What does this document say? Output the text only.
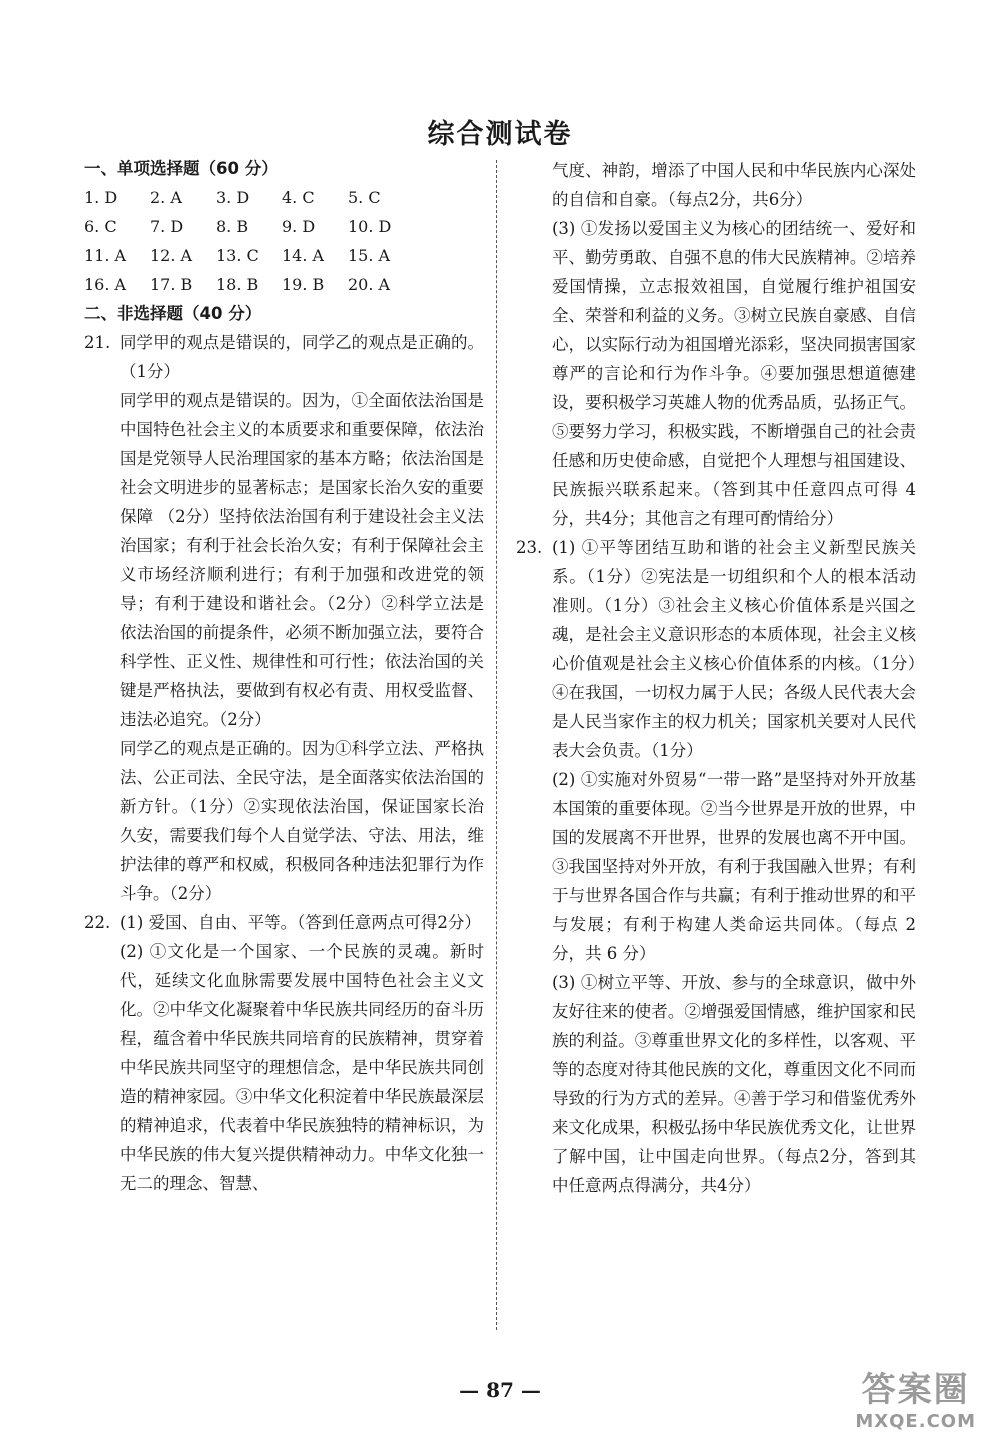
综合测试卷
一、单项选择题（60 分）
1. D	2. A	3. D	4. C	5. C
6. C	7. D	8. B	9. D	10. D
11. A	12. A	13. C	14. A	15. A
16. A	17. B	18. B	19. B	20. A
二、非选择题（40 分）
21. 同学甲的观点是错误的，同学乙的观点是正确的。（1分）

同学甲的观点是错误的。因为，①全面依法治国是中国特色社会主义的本质要求和重要保障，依法治国是党领导人民治理国家的基本方略；依法治国是社会文明进步的显著标志；是国家长治久安的重要保障 （2分）坚持依法治国有利于建设社会主义法治国家；有利于社会长治久安；有利于保障社会主义市场经济顺利进行；有利于加强和改进党的领导；有利于建设和谐社会。（2分）②科学立法是依法治国的前提条件，必须不断加强立法，要符合科学性、正义性、规律性和可行性；依法治国的关键是严格执法，要做到有权必有责、用权受监督、违法必追究。（2分）

同学乙的观点是正确的。因为①科学立法、严格执法、公正司法、全民守法，是全面落实依法治国的新方针。（1分）②实现依法治国，保证国家长治久安，需要我们每个人自觉学法、守法、用法，维护法律的尊严和权威，积极同各种违法犯罪行为作斗争。（2分）

22. (1) 爱国、自由、平等。（答到任意两点可得2分）

(2) ①文化是一个国家、一个民族的灵魂。新时代，延续文化血脉需要发展中国特色社会主义文化。②中华文化凝聚着中华民族共同经历的奋斗历程，蕴含着中华民族共同培育的民族精神，贯穿着中华民族共同坚守的理想信念，是中华民族共同创造的精神家园。③中华文化积淀着中华民族最深层的精神追求，代表着中华民族独特的精神标识，为中华民族的伟大复兴提供精神动力。中华文化独一无二的理念、智慧、

气度、神韵，增添了中国人民和中华民族内心深处的自信和自豪。（每点2分，共6分）

(3) ①发扬以爱国主义为核心的团结统一、爱好和平、勤劳勇敢、自强不息的伟大民族精神。②培养爱国情操，立志报效祖国，自觉履行维护祖国安全、荣誉和利益的义务。③树立民族自豪感、自信心，以实际行动为祖国增光添彩，坚决同损害国家尊严的言论和行为作斗争。④要加强思想道德建设，要积极学习英雄人物的优秀品质，弘扬正气。⑤要努力学习，积极实践，不断增强自己的社会责任感和历史使命感，自觉把个人理想与祖国建设、民族振兴联系起来。（答到其中任意四点可得 4 分，共4分；其他言之有理可酌情给分）

23. (1) ①平等团结互助和谐的社会主义新型民族关系。（1分）②宪法是一切组织和个人的根本活动准则。（1分）③社会主义核心价值体系是兴国之魂，是社会主义意识形态的本质体现，社会主义核心价值观是社会主义核心价值体系的内核。（1分）④在我国，一切权力属于人民；各级人民代表大会是人民当家作主的权力机关；国家机关要对人民代表大会负责。（1分）

(2) ①实施对外贸易“一带一路”是坚持对外开放基本国策的重要体现。②当今世界是开放的世界，中国的发展离不开世界，世界的发展也离不开中国。③我国坚持对外开放，有利于我国融入世界；有利于与世界各国合作与共赢；有利于推动世界的和平与发展；有利于构建人类命运共同体。（每点 2 分，共 6 分）

(3) ①树立平等、开放、参与的全球意识，做中外友好往来的使者。②增强爱国情感，维护国家和民族的利益。③尊重世界文化的多样性，以客观、平等的态度对待其他民族的文化，尊重因文化不同而导致的行为方式的差异。④善于学习和借鉴优秀外来文化成果，积极弘扬中华民族优秀文化，让世界了解中国，让中国走向世界。（每点2分，答到其中任意两点得满分，共4分）

— 87 —	答案圈
MXQE.COM
